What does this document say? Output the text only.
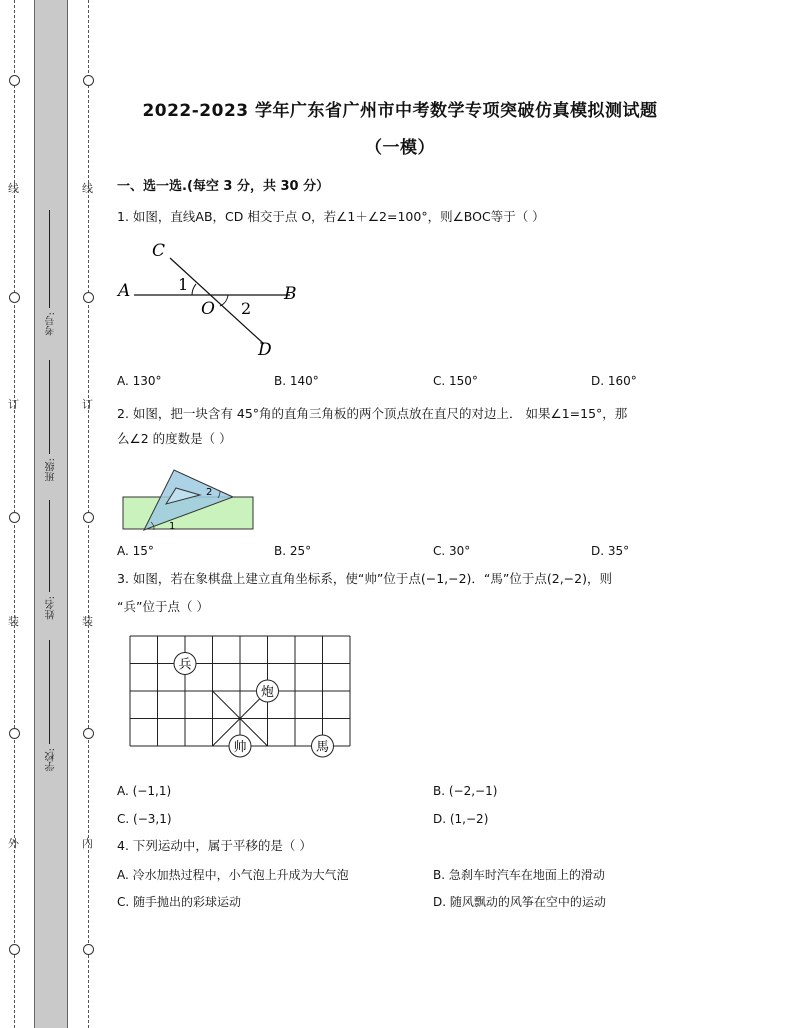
线
订
装
外
线
订
装
内
考号:
班级:
姓名:
学校:
2022-2023 学年广东省广州市中考数学专项突破仿真模拟测试题
（一模）
一、选一选.(每空 3 分，共 30 分）
1. 如图，直线AB，CD 相交于点 O，若∠1＋∠2=100°，则∠BOC等于（ ）
C
A	1
O 2
B
D
A. 130°	B. 140°	C. 150°	D. 160°
2. 如图，把一块含有 45°角的直角三角板的两个顶点放在直尺的对边上． 如果∠1=15°，那
么∠2 的度数是（ ）
2
1
A. 15°	B. 25°	C. 30°	D. 35°
3. 如图，若在象棋盘上建立直角坐标系，使“帅”位于点(−1,−2)．“馬”位于点(2,−2)，则
“兵”位于点（ ）
兵
炮
帅	馬
A. (−1,1)	B. (−2,−1)
C. (−3,1)	D. (1,−2)
4. 下列运动中，属于平移的是（ ）
A. 冷水加热过程中，小气泡上升成为大气泡	B. 急刹车时汽车在地面上的滑动
C. 随手抛出的彩球运动	D. 随风飘动的风筝在空中的运动
